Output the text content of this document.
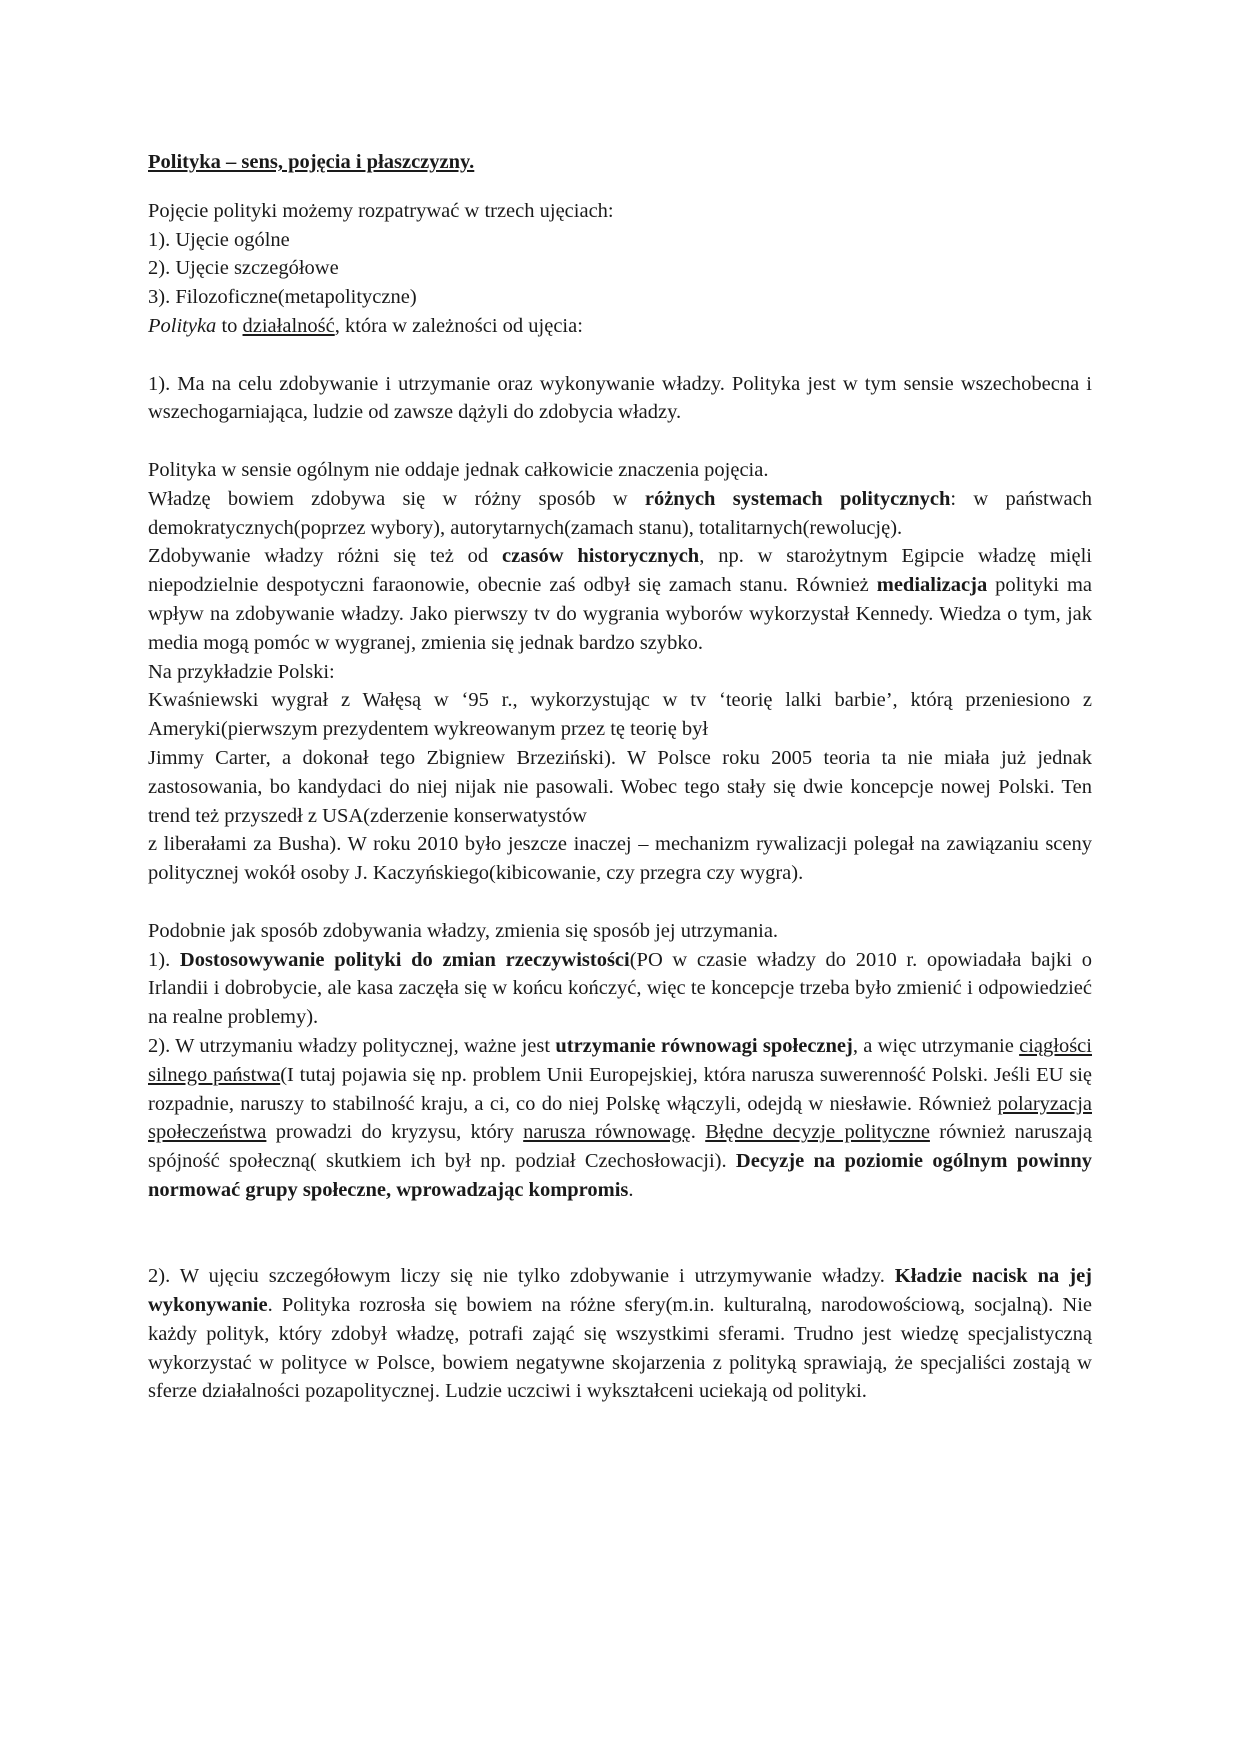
Polityka – sens, pojęcia i płaszczyzny.

Pojęcie polityki możemy rozpatrywać w trzech ujęciach:

1). Ujęcie ogólne

2). Ujęcie szczegółowe

3). Filozoficzne(metapolityczne)

Polityka to działalność, która w zależności od ujęcia:

1). Ma na celu zdobywanie i utrzymanie oraz wykonywanie władzy. Polityka jest w tym sensie wszechobecna i wszechogarniająca, ludzie od zawsze dążyli do zdobycia władzy.

Polityka w sensie ogólnym nie oddaje jednak całkowicie znaczenia pojęcia.

Władzę bowiem zdobywa się w różny sposób w różnych systemach politycznych: w państwach demokratycznych(poprzez wybory), autorytarnych(zamach stanu), totalitarnych(rewolucję).

Zdobywanie władzy różni się też od czasów historycznych, np. w starożytnym Egipcie władzę mięli niepodzielnie despotyczni faraonowie, obecnie zaś odbył się zamach stanu. Również medializacja polityki ma wpływ na zdobywanie władzy. Jako pierwszy tv do wygrania wyborów wykorzystał Kennedy. Wiedza o tym, jak media mogą pomóc w wygranej, zmienia się jednak bardzo szybko.

Na przykładzie Polski:

Kwaśniewski wygrał z Wałęsą w ‘95 r., wykorzystując w tv ‘teorię lalki barbie’, którą przeniesiono z Ameryki(pierwszym prezydentem wykreowanym przez tę teorię był

Jimmy Carter, a dokonał tego Zbigniew Brzeziński). W Polsce roku 2005 teoria ta nie miała już jednak zastosowania, bo kandydaci do niej nijak nie pasowali. Wobec tego stały się dwie koncepcje nowej Polski. Ten trend też przyszedł z USA(zderzenie konserwatystów

z liberałami za Busha). W roku 2010 było jeszcze inaczej – mechanizm rywalizacji polegał na zawiązaniu sceny politycznej wokół osoby J. Kaczyńskiego(kibicowanie, czy przegra czy wygra).

Podobnie jak sposób zdobywania władzy, zmienia się sposób jej utrzymania.

1). Dostosowywanie polityki do zmian rzeczywistości(PO w czasie władzy do 2010 r. opowiadała bajki o Irlandii i dobrobycie, ale kasa zaczęła się w końcu kończyć, więc te koncepcje trzeba było zmienić i odpowiedzieć na realne problemy).

2). W utrzymaniu władzy politycznej, ważne jest utrzymanie równowagi społecznej, a więc utrzymanie ciągłości silnego państwa(I tutaj pojawia się np. problem Unii Europejskiej, która narusza suwerenność Polski. Jeśli EU się rozpadnie, naruszy to stabilność kraju, a ci, co do niej Polskę włączyli, odejdą w niesławie. Również polaryzacja społeczeństwa prowadzi do kryzysu, który narusza równowagę. Błędne decyzje polityczne również naruszają spójność społeczną( skutkiem ich był np. podział Czechosłowacji). Decyzje na poziomie ogólnym powinny normować grupy społeczne, wprowadzając kompromis.

2). W ujęciu szczegółowym liczy się nie tylko zdobywanie i utrzymywanie władzy. Kładzie nacisk na jej wykonywanie. Polityka rozrosła się bowiem na różne sfery(m.in. kulturalną, narodowościową, socjalną). Nie każdy polityk, który zdobył władzę, potrafi zająć się wszystkimi sferami. Trudno jest wiedzę specjalistyczną wykorzystać w polityce w Polsce, bowiem negatywne skojarzenia z polityką sprawiają, że specjaliści zostają w sferze działalności pozapolitycznej. Ludzie uczciwi i wykształceni uciekają od polityki.
